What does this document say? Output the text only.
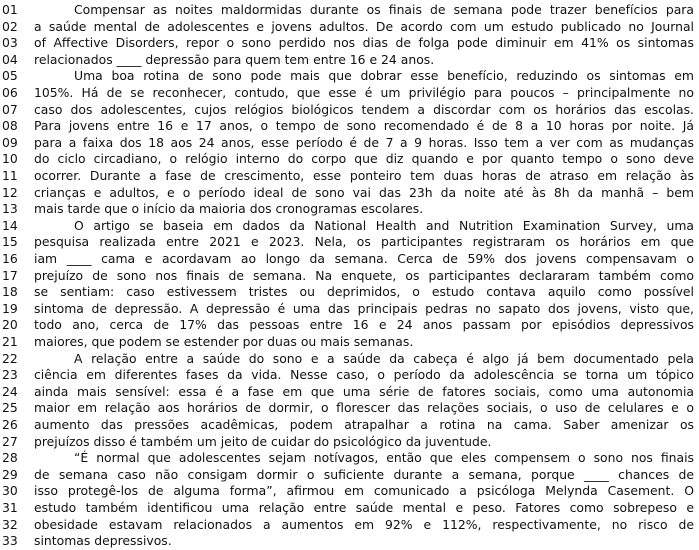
01	Compensar as noites maldormidas durante os finais de semana pode trazer benefícios para
02	a saúde mental de adolescentes e jovens adultos. De acordo com um estudo publicado no Journal
03	of Affective Disorders, repor o sono perdido nos dias de folga pode diminuir em 41% os sintomas
04	relacionados ____ depressão para quem tem entre 16 e 24 anos.
05	Uma boa rotina de sono pode mais que dobrar esse benefício, reduzindo os sintomas em
06	105%. Há de se reconhecer, contudo, que esse é um privilégio para poucos – principalmente no
07	caso dos adolescentes, cujos relógios biológicos tendem a discordar com os horários das escolas.
08	Para jovens entre 16 e 17 anos, o tempo de sono recomendado é de 8 a 10 horas por noite. Já
09	para a faixa dos 18 aos 24 anos, esse período é de 7 a 9 horas. Isso tem a ver com as mudanças
10	do ciclo circadiano, o relógio interno do corpo que diz quando e por quanto tempo o sono deve
11	ocorrer. Durante a fase de crescimento, esse ponteiro tem duas horas de atraso em relação às
12	crianças e adultos, e o período ideal de sono vai das 23h da noite até às 8h da manhã – bem
13	mais tarde que o início da maioria dos cronogramas escolares.
14	O artigo se baseia em dados da National Health and Nutrition Examination Survey, uma
15	pesquisa realizada entre 2021 e 2023. Nela, os participantes registraram os horários em que
16	iam ____ cama e acordavam ao longo da semana. Cerca de 59% dos jovens compensavam o
17	prejuízo de sono nos finais de semana. Na enquete, os participantes declararam também como
18	se sentiam: caso estivessem tristes ou deprimidos, o estudo contava aquilo como possível
19	sintoma de depressão. A depressão é uma das principais pedras no sapato dos jovens, visto que,
20	todo ano, cerca de 17% das pessoas entre 16 e 24 anos passam por episódios depressivos
21	maiores, que podem se estender por duas ou mais semanas.
22	A relação entre a saúde do sono e a saúde da cabeça é algo já bem documentado pela
23	ciência em diferentes fases da vida. Nesse caso, o período da adolescência se torna um tópico
24	ainda mais sensível: essa é a fase em que uma série de fatores sociais, como uma autonomia
25	maior em relação aos horários de dormir, o florescer das relações sociais, o uso de celulares e o
26	aumento das pressões acadêmicas, podem atrapalhar a rotina na cama. Saber amenizar os
27	prejuízos disso é também um jeito de cuidar do psicológico da juventude.
28	“É normal que adolescentes sejam notívagos, então que eles compensem o sono nos finais
29	de semana caso não consigam dormir o suficiente durante a semana, porque ____ chances de
30	isso protegê-los de alguma forma”, afirmou em comunicado a psicóloga Melynda Casement. O
31	estudo também identificou uma relação entre saúde mental e peso. Fatores como sobrepeso e
32	obesidade estavam relacionados a aumentos em 92% e 112%, respectivamente, no risco de
33	sintomas depressivos.
